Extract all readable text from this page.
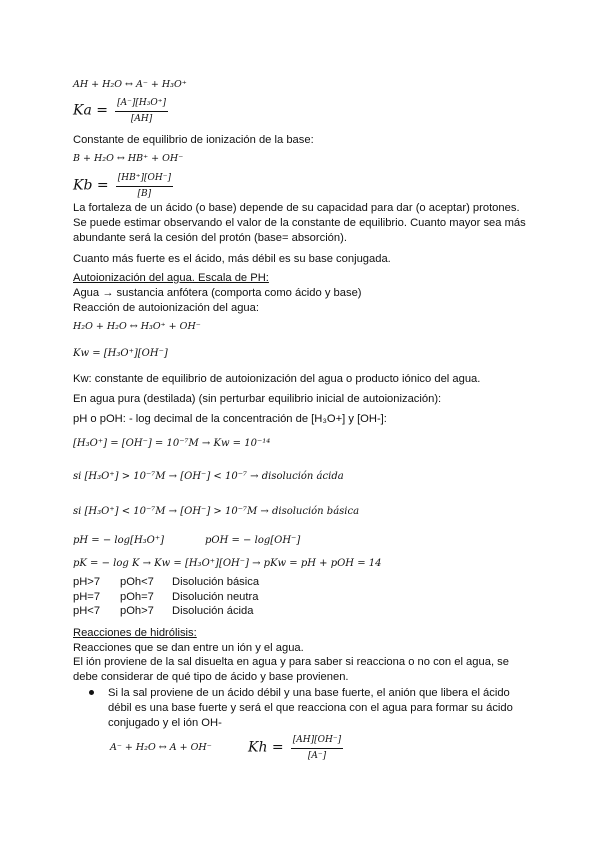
AH + H₂O ↔ A⁻ + H₃O⁺
$Ka = \frac{\text{[A⁻][H₃O⁺]}}{[AH]}$
Constante de equilibrio de ionización de la base:
B + H₂O ↔ HB⁺ + OH⁻
$Kb = \frac{[HB^+][OH^-]}{[B]}$
La fortaleza de un ácido (o base) depende de su capacidad para dar (o aceptar) protones.
Se puede estimar observando el valor de la constante de equilibrio. Cuanto mayor sea más
abundante será la cesión del protón (base= absorción).
Cuanto más fuerte es el ácido, más débil es su base conjugada.
Autoionización del agua. Escala de PH:
Agua → sustancia anfótera (comporta como ácido y base)
Reacción de autoionización del agua:
H₂O + H₂O ↔ H₃O⁺ + OH⁻
Kw = [H₃O⁺][OH⁻]
Kw: constante de equilibrio de autoionización del agua o producto iónico del agua.
En agua pura (destilada) (sin perturbar equilibrio inicial de autoionización):
pH o pOH: - log decimal de la concentración de [H₃O+] y [OH-]:
[H₃O⁺] = [OH⁻] = 10⁻⁷M → Kw = 10⁻¹⁴
si [H₃O⁺] > 10⁻⁷M → [OH⁻] < 10⁻⁷ → disolución ácida
si [H₃O⁺] < 10⁻⁷M → [OH⁻] > 10⁻⁷M → disolución básica
pH = − log[H₃O⁺]	pOH = − log[OH⁻]
pK = − log K → Kw = [H₃O⁺][OH⁻] → pKw = pH + pOH = 14
pH>7 pOh<7 Disolución básica
pH=7 pOh=7 Disolución neutra
pH<7 pOh>7 Disolución ácida
Reacciones de hidrólisis:
Reacciones que se dan entre un ión y el agua.
El ión proviene de la sal disuelta en agua y para saber si reacciona o no con el agua, se
debe considerar de qué tipo de ácido y base provienen.
Si la sal proviene de un ácido débil y una base fuerte, el anión que libera el ácido
débil es una base fuerte y será el que reacciona con el agua para formar su ácido
conjugado y el ión OH-
A⁻ + H₂O ↔ A + OH⁻	$Kh = \frac{[AH][OH^-]}{[A^-]}$
